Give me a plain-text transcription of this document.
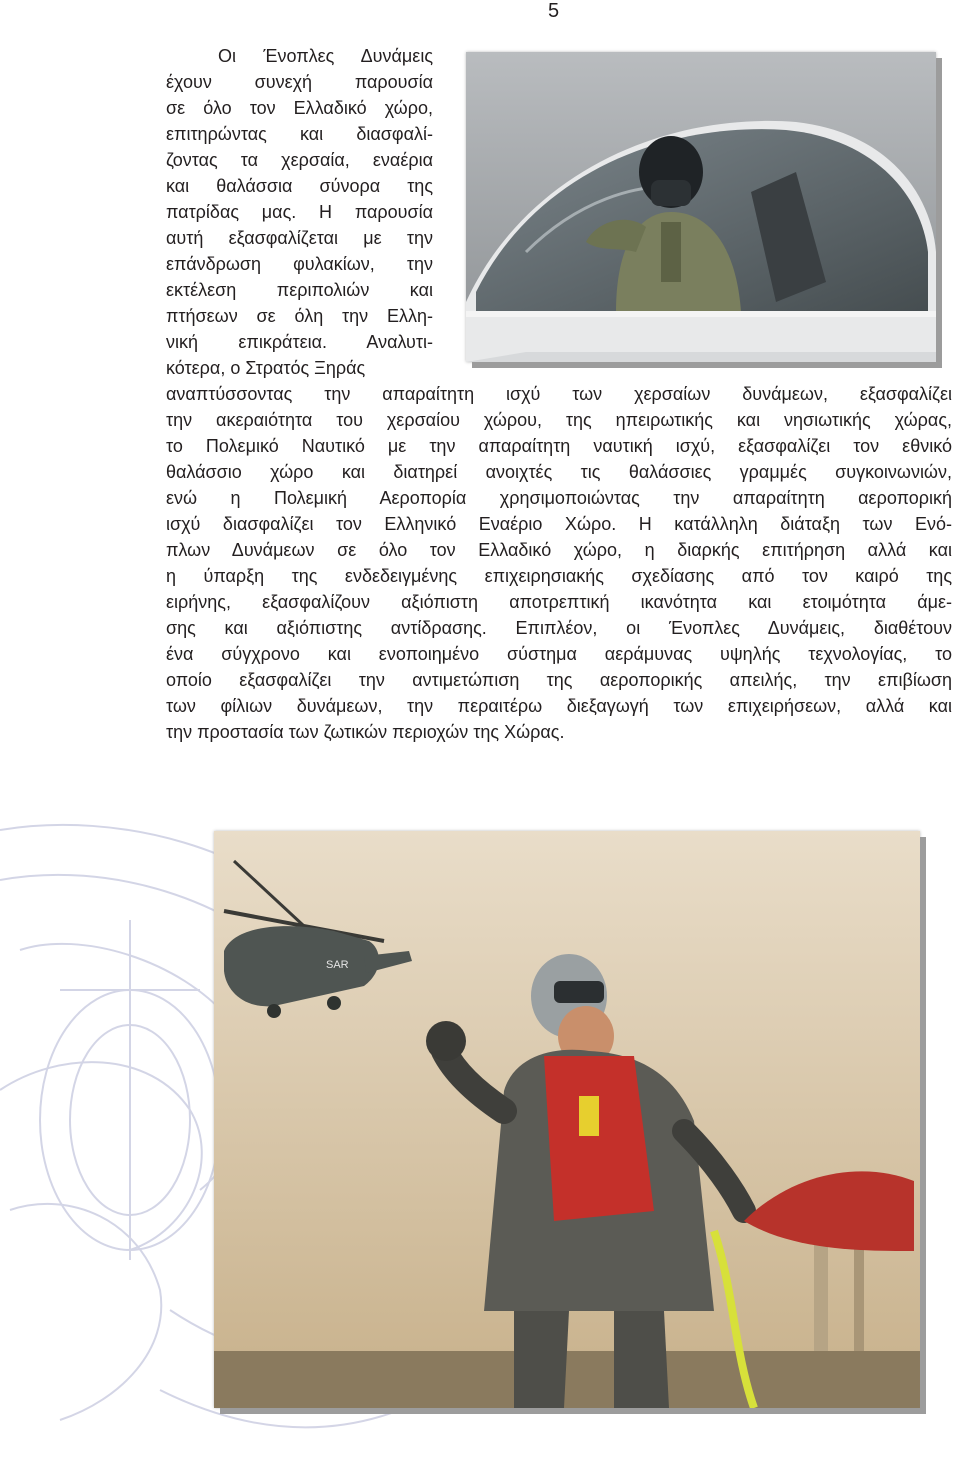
5
Οι Ένοπλες Δυνάμεις
έχουν συνεχή παρουσία
σε όλο τον Ελλαδικό χώρο,
επιτηρώντας και διασφαλί-
ζοντας τα χερσαία, εναέρια
και θαλάσσια σύνορα της
πατρίδας μας. Η παρουσία
αυτή εξασφαλίζεται με την
επάνδρωση φυλακίων, την
εκτέλεση περιπολιών και
πτήσεων σε όλη την Ελλη-
νική επικράτεια. Αναλυτι-
κότερα, ο Στρατός Ξηράς
αναπτύσσοντας την απαραίτητη ισχύ των χερσαίων δυνάμεων, εξασφαλίζει
την ακεραιότητα του χερσαίου χώρου, της ηπειρωτικής και νησιωτικής χώρας,
το Πολεμικό Ναυτικό με την απαραίτητη ναυτική ισχύ, εξασφαλίζει τον εθνικό
θαλάσσιο χώρο και διατηρεί ανοιχτές τις θαλάσσιες γραμμές συγκοινωνιών,
ενώ η Πολεμική Αεροπορία χρησιμοποιώντας την απαραίτητη αεροπορική
ισχύ διασφαλίζει τον Ελληνικό Εναέριο Χώρο. Η κατάλληλη διάταξη των Ενό-
πλων Δυνάμεων σε όλο τον Ελλαδικό χώρο, η διαρκής επιτήρηση αλλά και
η ύπαρξη της ενδεδειγμένης επιχειρησιακής σχεδίασης από τον καιρό της
ειρήνης, εξασφαλίζουν αξιόπιστη αποτρεπτική ικανότητα και ετοιμότητα άμε-
σης και αξιόπιστης αντίδρασης. Επιπλέον, οι Ένοπλες Δυνάμεις, διαθέτουν
ένα σύγχρονο και ενοποιημένο σύστημα αεράμυνας υψηλής τεχνολογίας, το
οποίο εξασφαλίζει την αντιμετώπιση της αεροπορικής απειλής, την επιβίωση
των φίλιων δυνάμεων, την περαιτέρω διεξαγωγή των επιχειρήσεων, αλλά και
την προστασία των ζωτικών περιοχών της Χώρας.
SAR
